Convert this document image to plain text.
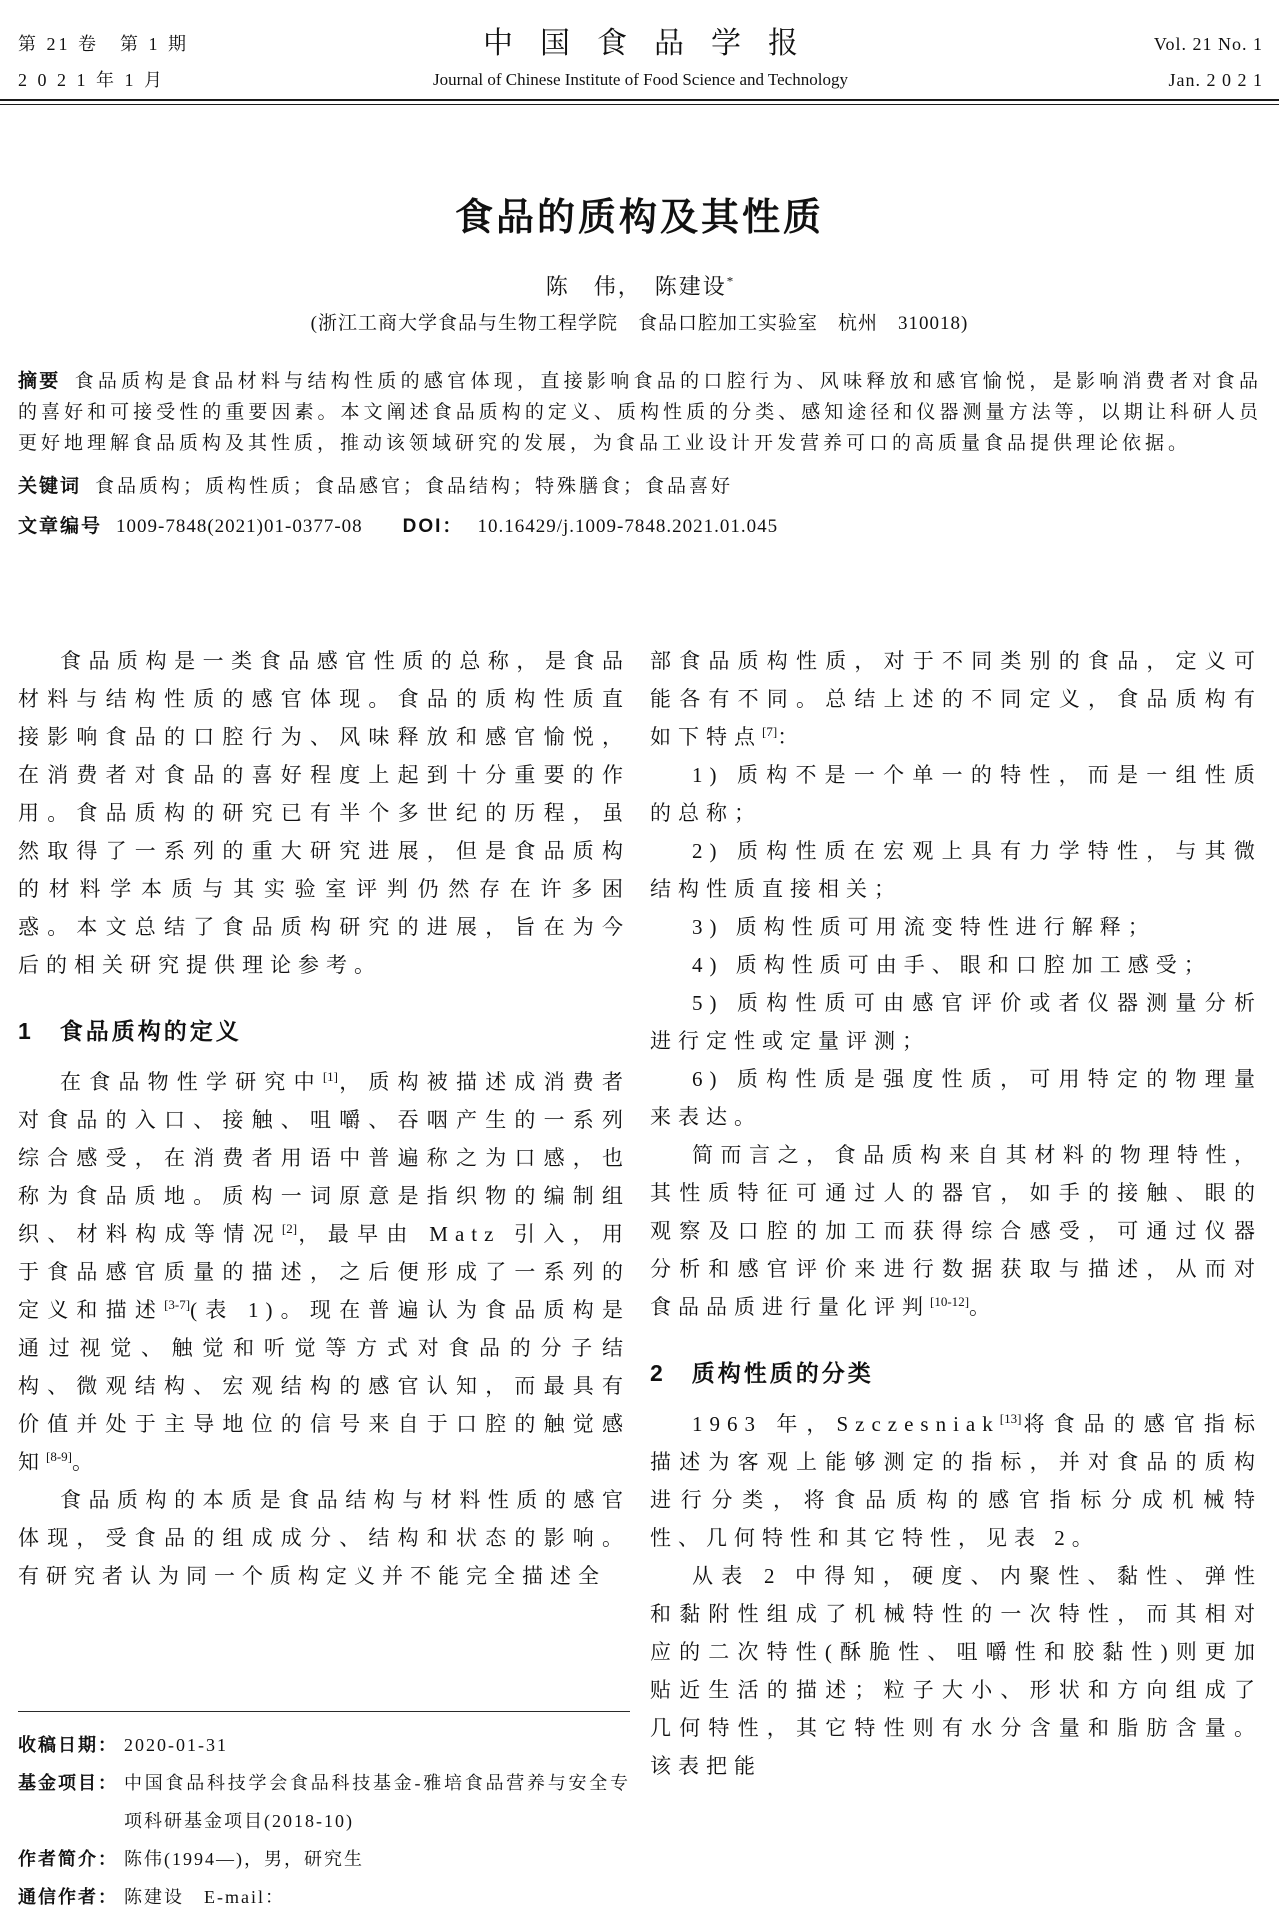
第 21 卷　第 1 期
2 0 2 1 年 1 月
中国食品学报
Journal of Chinese Institute of Food Science and Technology
Vol. 21 No. 1
Jan. 2 0 2 1
食品的质构及其性质
陈　伟，　陈建设*
(浙江工商大学食品与生物工程学院　食品口腔加工实验室　杭州　310018)

摘要 食品质构是食品材料与结构性质的感官体现，直接影响食品的口腔行为、风味释放和感官愉悦，是影响消费者对食品的喜好和可接受性的重要因素。本文阐述食品质构的定义、质构性质的分类、感知途径和仪器测量方法等，以期让科研人员更好地理解食品质构及其性质，推动该领域研究的发展，为食品工业设计开发营养可口的高质量食品提供理论依据。

关键词 食品质构；质构性质；食品感官；食品结构；特殊膳食；食品喜好
文章编号 1009-7848(2021)01-0377-08 DOI： 10.16429/j.1009-7848.2021.01.045

食品质构是一类食品感官性质的总称，是食品材料与结构性质的感官体现。食品的质构性质直接影响食品的口腔行为、风味释放和感官愉悦，在消费者对食品的喜好程度上起到十分重要的作用。食品质构的研究已有半个多世纪的历程，虽然取得了一系列的重大研究进展，但是食品质构的材料学本质与其实验室评判仍然存在许多困惑。本文总结了食品质构研究的进展，旨在为今后的相关研究提供理论参考。

1　食品质构的定义

在食品物性学研究中[1]，质构被描述成消费者对食品的入口、接触、咀嚼、吞咽产生的一系列综合感受，在消费者用语中普遍称之为口感，也称为食品质地。质构一词原意是指织物的编制组织、材料构成等情况[2]，最早由 Matz 引入，用于食品感官质量的描述，之后便形成了一系列的定义和描述[3-7](表 1)。现在普遍认为食品质构是通过视觉、触觉和听觉等方式对食品的分子结构、微观结构、宏观结构的感官认知，而最具有价值并处于主导地位的信号来自于口腔的触觉感知[8-9]。

食品质构的本质是食品结构与材料性质的感官体现，受食品的组成成分、结构和状态的影响。有研究者认为同一个质构定义并不能完全描述全

部食品质构性质，对于不同类别的食品，定义可能各有不同。总结上述的不同定义，食品质构有如下特点[7]：

1) 质构不是一个单一的特性，而是一组性质的总称；

2) 质构性质在宏观上具有力学特性，与其微结构性质直接相关；

3) 质构性质可用流变特性进行解释；

4) 质构性质可由手、眼和口腔加工感受；

5) 质构性质可由感官评价或者仪器测量分析进行定性或定量评测；

6) 质构性质是强度性质，可用特定的物理量来表达。

简而言之，食品质构来自其材料的物理特性，其性质特征可通过人的器官，如手的接触、眼的观察及口腔的加工而获得综合感受，可通过仪器分析和感官评价来进行数据获取与描述，从而对食品品质进行量化评判[10-12]。

2　质构性质的分类

1963 年，Szczesniak[13]将食品的感官指标描述为客观上能够测定的指标，并对食品的质构进行分类，将食品质构的感官指标分成机械特性、几何特性和其它特性，见表 2。

从表 2 中得知，硬度、内聚性、黏性、弹性和黏附性组成了机械特性的一次特性，而其相对应的二次特性(酥脆性、咀嚼性和胶黏性)则更加贴近生活的描述；粒子大小、形状和方向组成了几何特性，其它特性则有水分含量和脂肪含量。该表把能

收稿日期： 2020-01-31
基金项目： 中国食品科技学会食品科技基金-雅培食品营养与安全专项科研基金项目(2018-10)
作者简介： 陈伟(1994—)，男，研究生
通信作者： 陈建设　E-mail：
